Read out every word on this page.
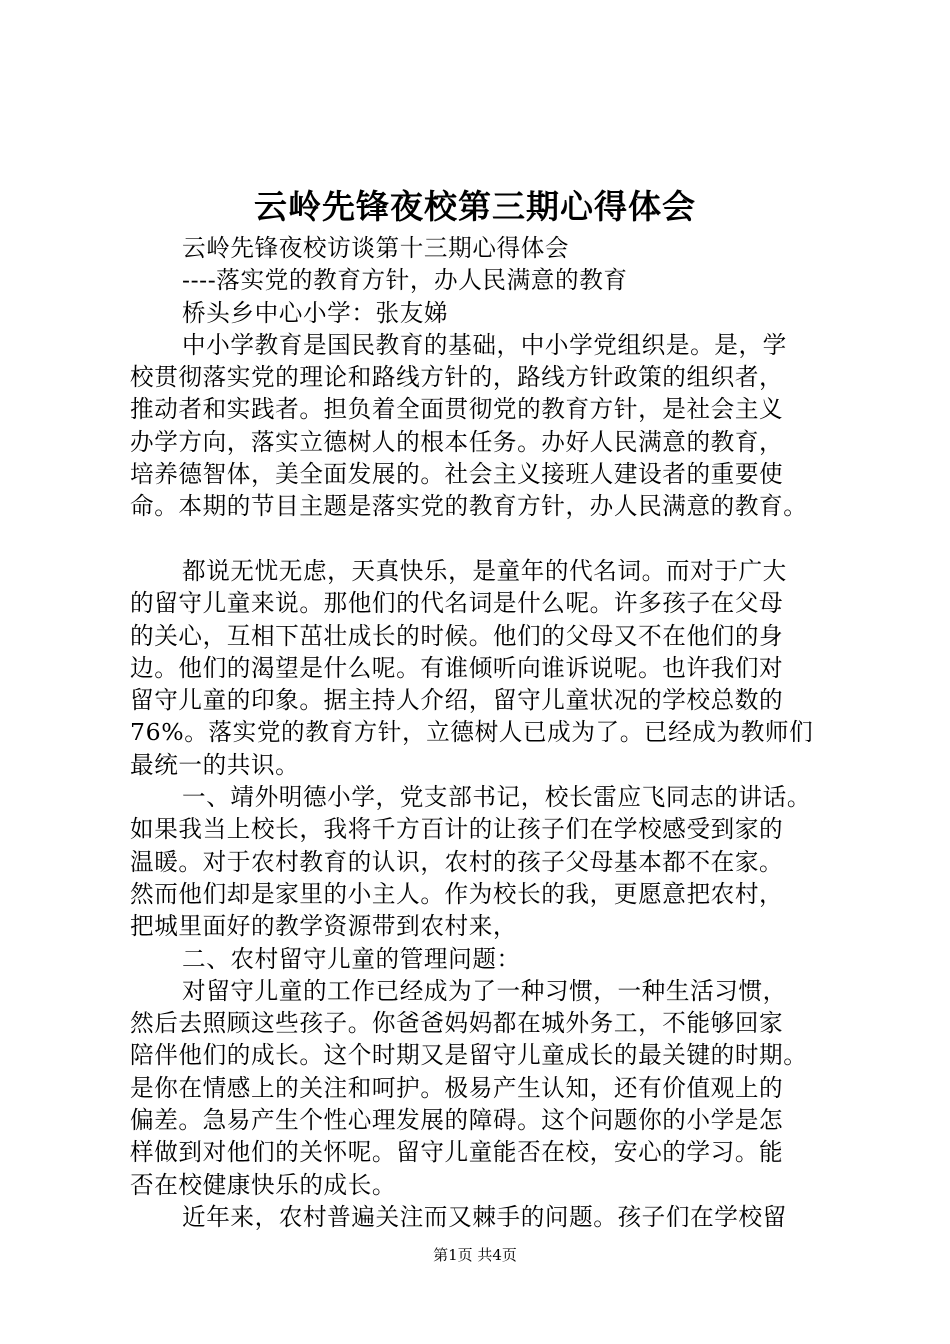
云岭先锋夜校第三期心得体会
云岭先锋夜校访谈第十三期心得体会
----落实党的教育方针，办人民满意的教育
桥头乡中心小学：张友娣
中小学教育是国民教育的基础，中小学党组织是。是，学
校贯彻落实党的理论和路线方针的，路线方针政策的组织者，
推动者和实践者。担负着全面贯彻党的教育方针，是社会主义
办学方向，落实立德树人的根本任务。办好人民满意的教育，
培养德智体，美全面发展的。社会主义接班人建设者的重要使
命。本期的节目主题是落实党的教育方针，办人民满意的教育。
都说无忧无虑，天真快乐，是童年的代名词。而对于广大
的留守儿童来说。那他们的代名词是什么呢。许多孩子在父母
的关心，互相下茁壮成长的时候。他们的父母又不在他们的身
边。他们的渴望是什么呢。有谁倾听向谁诉说呢。也许我们对
留守儿童的印象。据主持人介绍，留守儿童状况的学校总数的
76%。落实党的教育方针，立德树人已成为了。已经成为教师们
最统一的共识。
一、靖外明德小学，党支部书记，校长雷应飞同志的讲话。
如果我当上校长，我将千方百计的让孩子们在学校感受到家的
温暖。对于农村教育的认识，农村的孩子父母基本都不在家。
然而他们却是家里的小主人。作为校长的我，更愿意把农村，
把城里面好的教学资源带到农村来，
二、农村留守儿童的管理问题：
对留守儿童的工作已经成为了一种习惯，一种生活习惯，
然后去照顾这些孩子。你爸爸妈妈都在城外务工，不能够回家
陪伴他们的成长。这个时期又是留守儿童成长的最关键的时期。
是你在情感上的关注和呵护。极易产生认知，还有价值观上的
偏差。急易产生个性心理发展的障碍。这个问题你的小学是怎
样做到对他们的关怀呢。留守儿童能否在校，安心的学习。能
否在校健康快乐的成长。
近年来，农村普遍关注而又棘手的问题。孩子们在学校留
第1页 共4页
